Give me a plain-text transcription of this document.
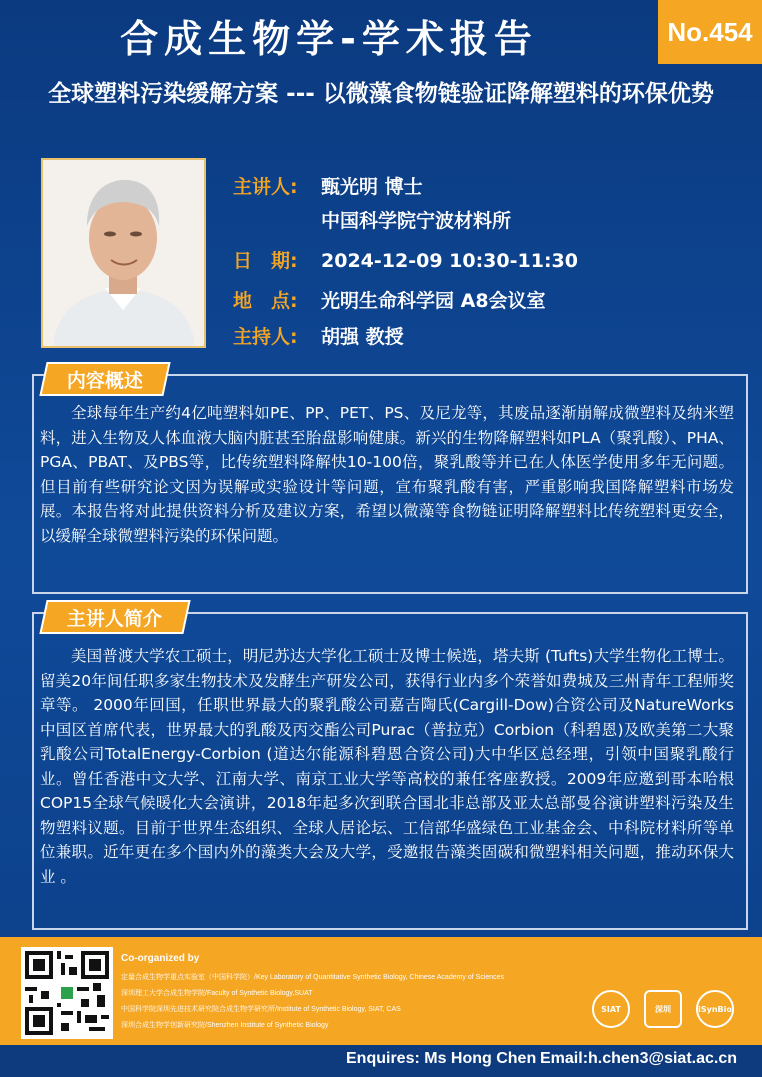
合成生物学-学术报告	No.454
全球塑料污染缓解方案 --- 以微藻食物链验证降解塑料的环保优势
主讲人: 甄光明 博士
中国科学院宁波材料所
日　期: 2024-12-09 10:30-11:30
地　点: 光明生命科学园 A8会议室
主持人: 胡强 教授
内容概述
全球每年生产约4亿吨塑料如PE、PP、PET、PS、及尼龙等，其废品逐渐崩解成微塑料及纳米塑料，进入生物及人体血液大脑内脏甚至胎盘影响健康。新兴的生物降解塑料如PLA（聚乳酸）、PHA、PGA、PBAT、及PBS等，比传统塑料降解快10-100倍，聚乳酸等并已在人体医学使用多年无问题。但目前有些研究论文因为误解或实验设计等问题，宣布聚乳酸有害，严重影响我国降解塑料市场发展。本报告将对此提供资料分析及建议方案，希望以微藻等食物链证明降解塑料比传统塑料更安全，以缓解全球微塑料污染的环保问题。
主讲人简介
美国普渡大学农工硕士，明尼苏达大学化工硕士及博士候选，塔夫斯 (Tufts)大学生物化工博士。留美20年间任职多家生物技术及发酵生产研发公司，获得行业内多个荣誉如费城及三州青年工程师奖章等。 2000年回国，任职世界最大的聚乳酸公司嘉吉陶氏(Cargill-Dow)合资公司及NatureWorks中国区首席代表，世界最大的乳酸及丙交酯公司Purac（普拉克）Corbion（科碧恩)及欧美第二大聚乳酸公司TotalEnergy-Corbion (道达尔能源科碧恩合资公司)大中华区总经理，引领中国聚乳酸行业。曾任香港中文大学、江南大学、南京工业大学等高校的兼任客座教授。2009年应邀到哥本哈根COP15全球气候暖化大会演讲，2018年起多次到联合国北非总部及亚太总部曼谷演讲塑料污染及生物塑料议题。目前于世界生态组织、全球人居论坛、工信部华盛绿色工业基金会、中科院材料所等单位兼职。近年更在多个国内外的藻类大会及大学，受邀报告藻类固碳和微塑料相关问题，推动环保大业 。
Co-organized by
定量合成生物学重点实验室（中国科学院）/Key Laboratory of Quantitative Synthetic Biology, Chinese Academy of Sciences
深圳理工大学合成生物学院/Faculty of Synthetic Biology,SUAT
中国科学院深圳先进技术研究院合成生物学研究所/Institute of Synthetic Biology, SIAT, CAS
深圳合成生物学创新研究院/Shenzhen Institute of Synthetic Biology
SIAT	深圳	iSynBio
Enquires: Ms Hong Chen Email:h.chen3@siat.ac.cn
